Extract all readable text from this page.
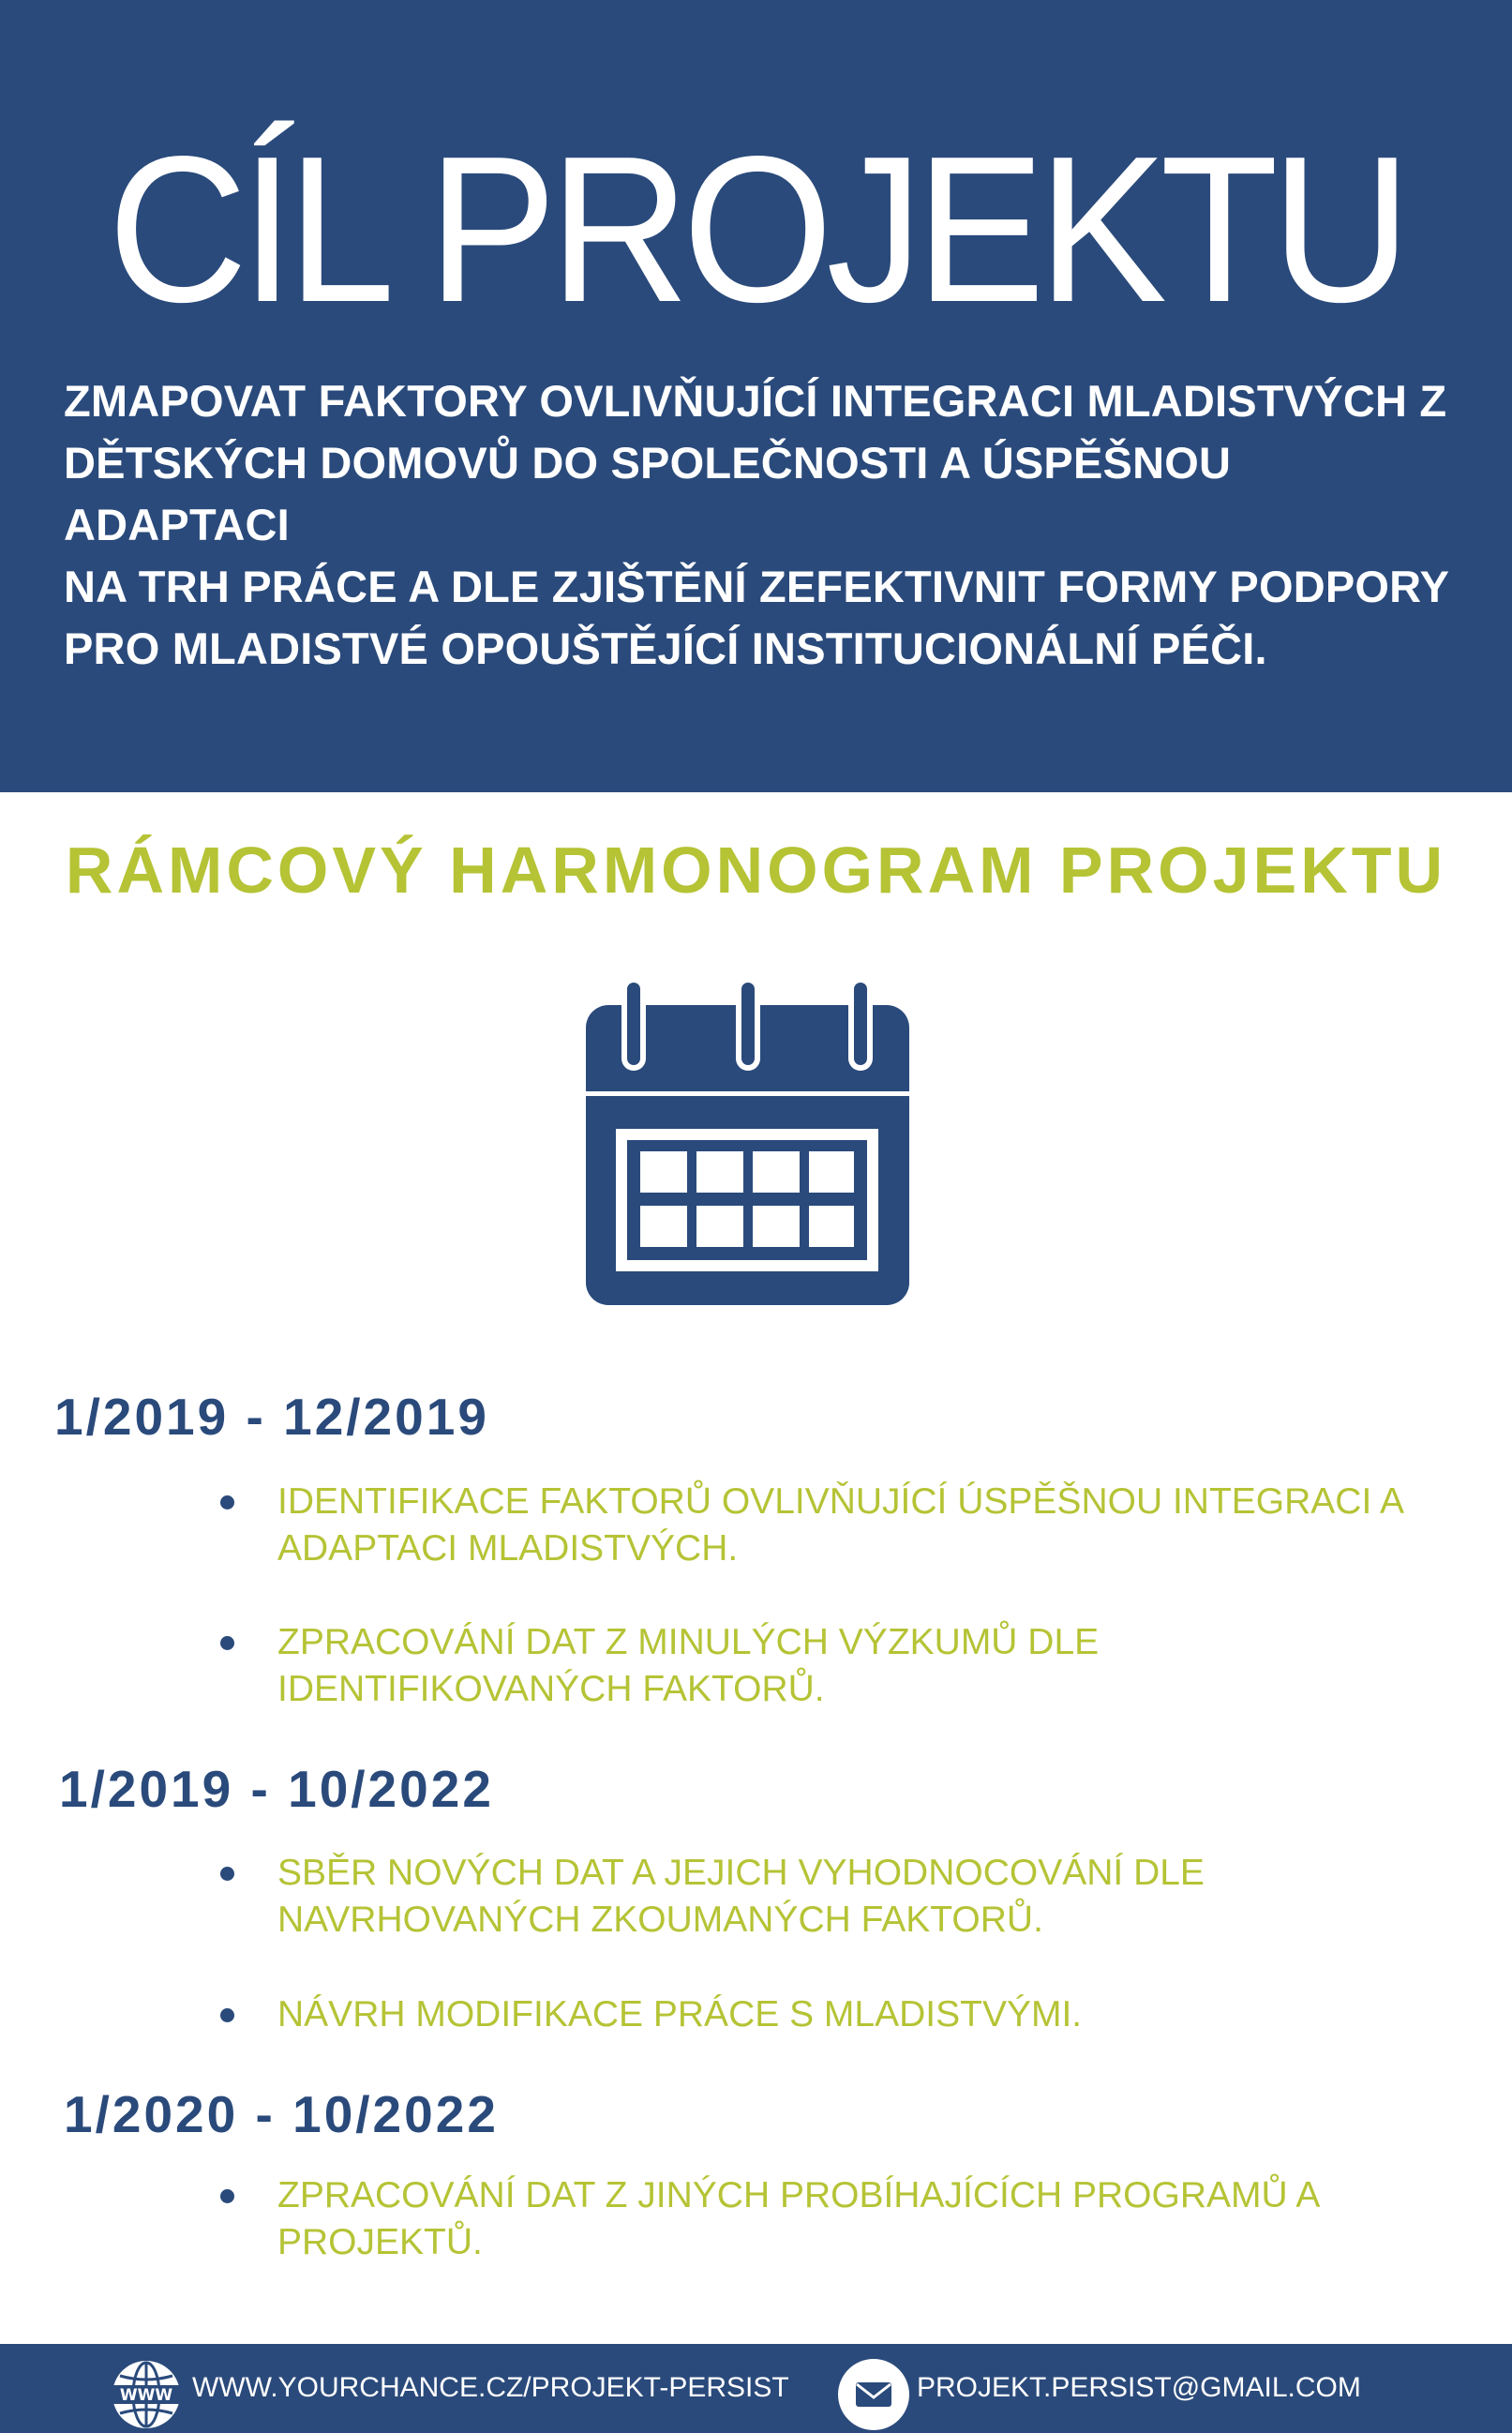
CÍL PROJEKTU
ZMAPOVAT FAKTORY OVLIVŇUJÍCÍ INTEGRACI MLADISTVÝCH Z
DĚTSKÝCH DOMOVŮ DO SPOLEČNOSTI A ÚSPĚŠNOU ADAPTACI
NA TRH PRÁCE A DLE ZJIŠTĚNÍ ZEFEKTIVNIT FORMY PODPORY
PRO MLADISTVÉ OPOUŠTĚJÍCÍ INSTITUCIONÁLNÍ PÉČI.
RÁMCOVÝ HARMONOGRAM PROJEKTU
1/2019 - 12/2019
IDENTIFIKACE FAKTORŮ OVLIVŇUJÍCÍ ÚSPĚŠNOU INTEGRACI A
ADAPTACI MLADISTVÝCH.
ZPRACOVÁNÍ DAT Z MINULÝCH VÝZKUMŮ DLE
IDENTIFIKOVANÝCH FAKTORŮ.
1/2019 - 10/2022
SBĚR NOVÝCH DAT A JEJICH VYHODNOCOVÁNÍ DLE
NAVRHOVANÝCH ZKOUMANÝCH FAKTORŮ.
NÁVRH MODIFIKACE PRÁCE S MLADISTVÝMI.
1/2020 - 10/2022
ZPRACOVÁNÍ DAT Z JINÝCH PROBÍHAJÍCÍCH PROGRAMŮ A
PROJEKTŮ.
WWW WWW.YOURCHANCE.CZ/PROJEKT-PERSIST	PROJEKT.PERSIST@GMAIL.COM
